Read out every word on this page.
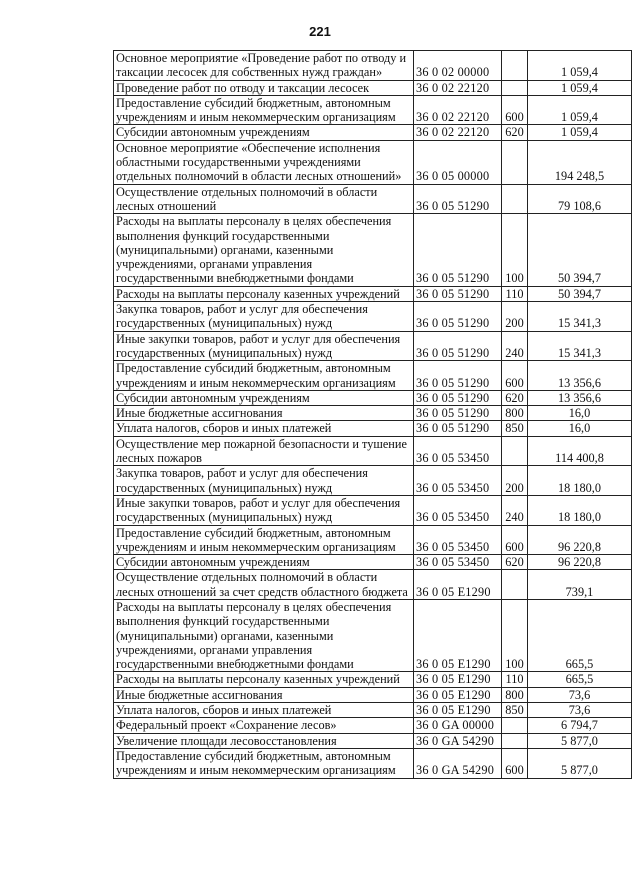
221
Основное мероприятие «Проведение работ по отводу и таксации лесосек для собственных нужд граждан»	36 0 02 00000		1 059,4
Проведение работ по отводу и таксации лесосек	36 0 02 22120		1 059,4
Предоставление субсидий бюджетным, автономным учреждениям и иным некоммерческим организациям	36 0 02 22120	600	1 059,4
Субсидии автономным учреждениям	36 0 02 22120	620	1 059,4
Основное мероприятие «Обеспечение исполнения областными государственными учреждениями отдельных полномочий в области лесных отношений»	36 0 05 00000		194 248,5
Осуществление отдельных полномочий в области лесных отношений	36 0 05 51290		79 108,6
Расходы на выплаты персоналу в целях обеспечения выполнения функций государственными (муниципальными) органами, казенными учреждениями, органами управления государственными внебюджетными фондами	36 0 05 51290	100	50 394,7
Расходы на выплаты персоналу казенных учреждений	36 0 05 51290	110	50 394,7
Закупка товаров, работ и услуг для обеспечения государственных (муниципальных) нужд	36 0 05 51290	200	15 341,3
Иные закупки товаров, работ и услуг для обеспечения государственных (муниципальных) нужд	36 0 05 51290	240	15 341,3
Предоставление субсидий бюджетным, автономным учреждениям и иным некоммерческим организациям	36 0 05 51290	600	13 356,6
Субсидии автономным учреждениям	36 0 05 51290	620	13 356,6
Иные бюджетные ассигнования	36 0 05 51290	800	16,0
Уплата налогов, сборов и иных платежей	36 0 05 51290	850	16,0
Осуществление мер пожарной безопасности и тушение лесных пожаров	36 0 05 53450		114 400,8
Закупка товаров, работ и услуг для обеспечения государственных (муниципальных) нужд	36 0 05 53450	200	18 180,0
Иные закупки товаров, работ и услуг для обеспечения государственных (муниципальных) нужд	36 0 05 53450	240	18 180,0
Предоставление субсидий бюджетным, автономным учреждениям и иным некоммерческим организациям	36 0 05 53450	600	96 220,8
Субсидии автономным учреждениям	36 0 05 53450	620	96 220,8
Осуществление отдельных полномочий в области лесных отношений за счет средств областного бюджета	36 0 05 E1290		739,1
Расходы на выплаты персоналу в целях обеспечения выполнения функций государственными (муниципальными) органами, казенными учреждениями, органами управления государственными внебюджетными фондами	36 0 05 E1290	100	665,5
Расходы на выплаты персоналу казенных учреждений	36 0 05 E1290	110	665,5
Иные бюджетные ассигнования	36 0 05 E1290	800	73,6
Уплата налогов, сборов и иных платежей	36 0 05 E1290	850	73,6
Федеральный проект «Сохранение лесов»	36 0 GA 00000		6 794,7
Увеличение площади лесовосстановления	36 0 GA 54290		5 877,0
Предоставление субсидий бюджетным, автономным учреждениям и иным некоммерческим организациям	36 0 GA 54290	600	5 877,0
